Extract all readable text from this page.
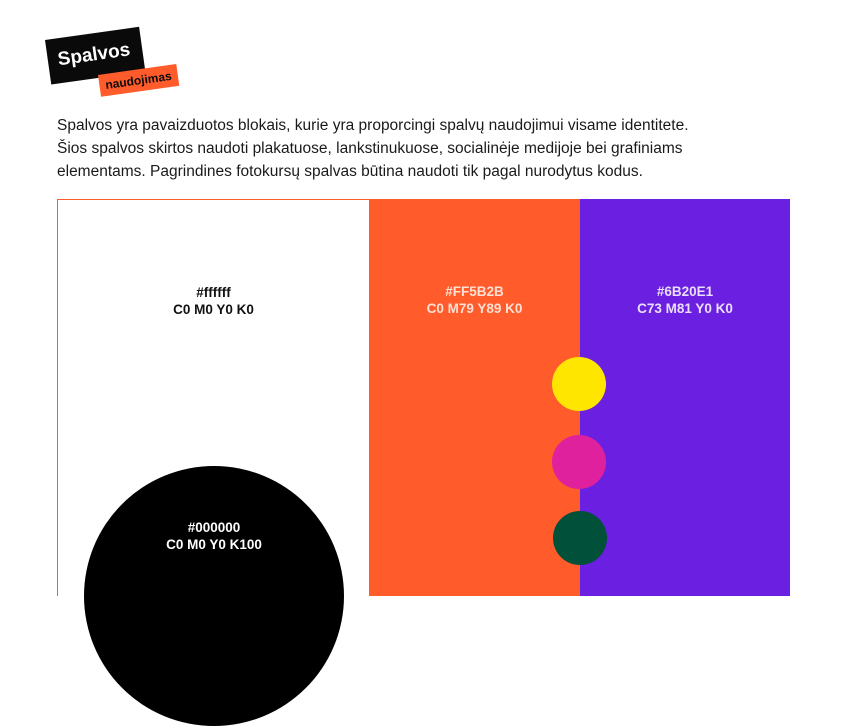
Spalvos
naudojimas

Spalvos yra pavaizduotos blokais, kurie yra proporcingi spalvų naudojimui visame identitete.
Šios spalvos skirtos naudoti plakatuose, lankstinukuose, socialinėje medijoje bei grafiniams
elementams. Pagrindines fotokursų spalvas būtina naudoti tik pagal nurodytus kodus.

#ffffff
C0 M0 Y0 K0
#FF5B2B
C0 M79 Y89 K0
#6B20E1
C73 M81 Y0 K0
#000000
C0 M0 Y0 K100
